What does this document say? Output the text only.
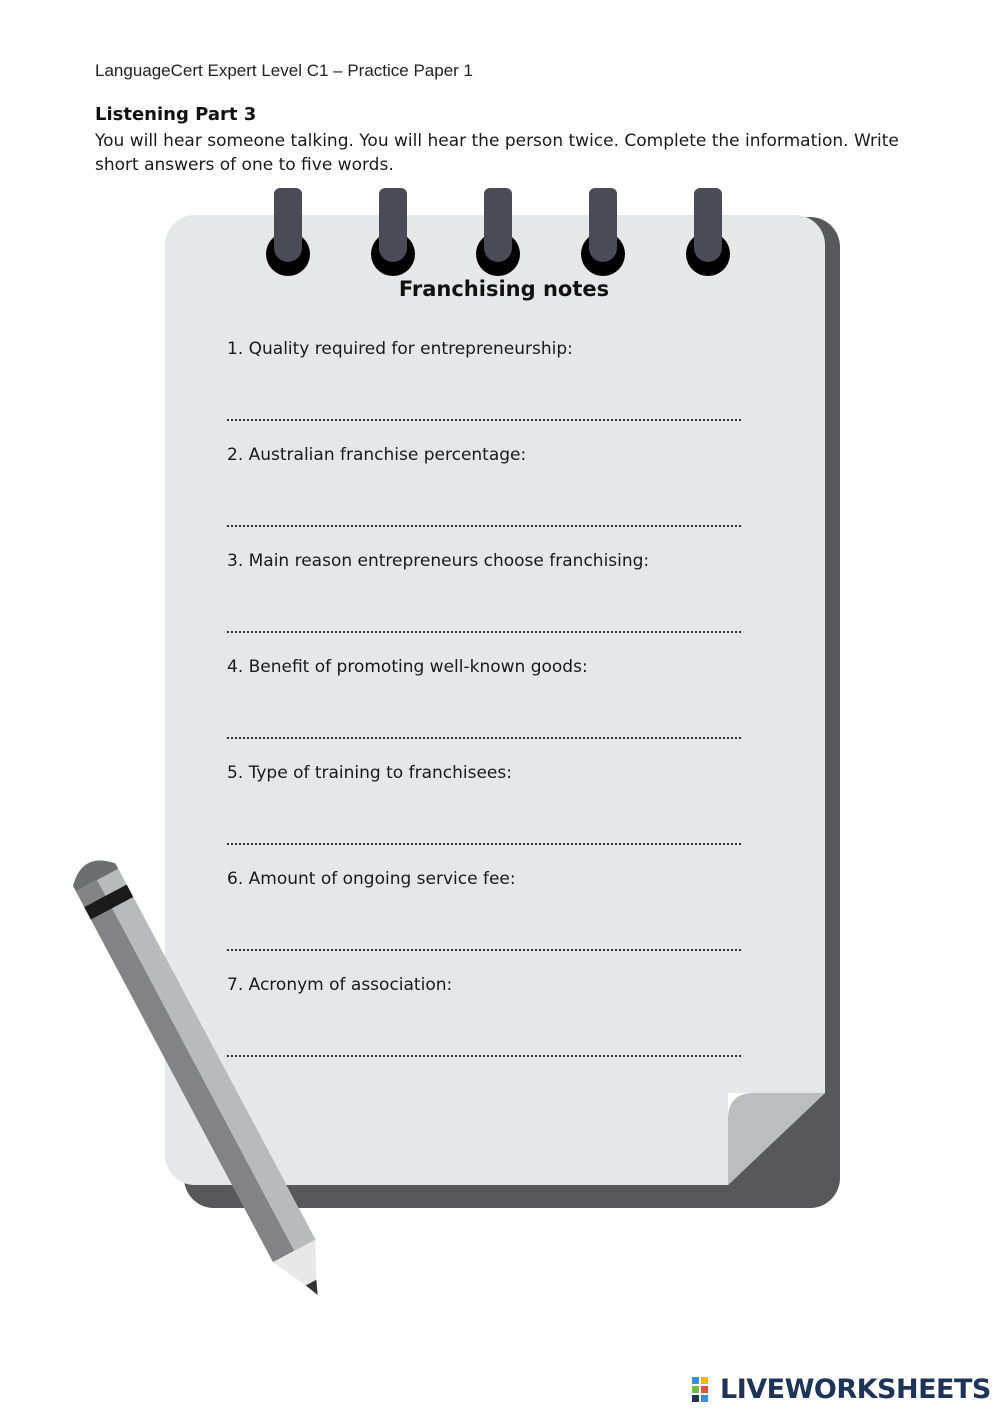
LanguageCert Expert Level C1 – Practice Paper 1
Listening Part 3
You will hear someone talking. You will hear the person twice. Complete the information. Write short answers of one to five words.
Franchising notes
1. Quality required for entrepreneurship:
2. Australian franchise percentage:
3. Main reason entrepreneurs choose franchising:
4. Benefit of promoting well-known goods:
5. Type of training to franchisees:
6. Amount of ongoing service fee:
7. Acronym of association:
LIVEWORKSHEETS
